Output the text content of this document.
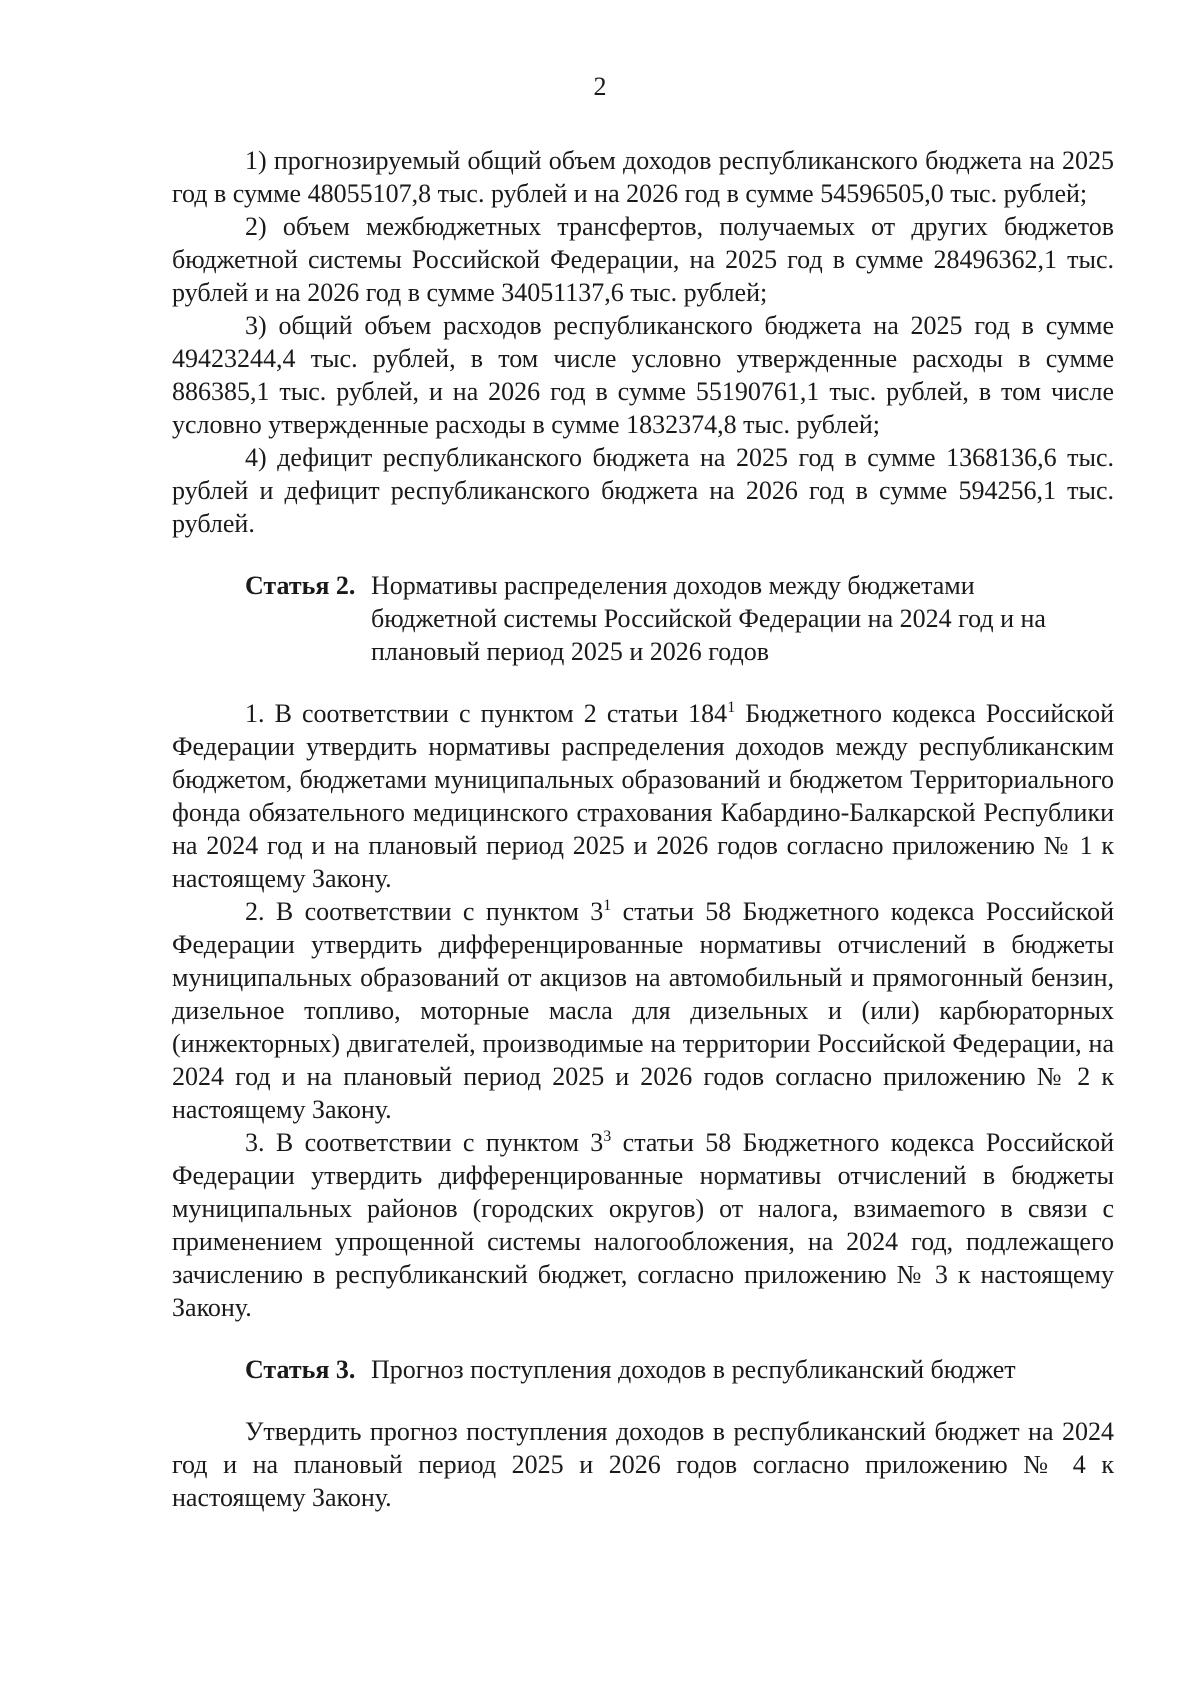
2

1) прогнозируемый общий объем доходов республиканского бюджета на 2025 год в сумме 48055107,8 тыс. рублей и на 2026 год в сумме 54596505,0 тыс. рублей;

2) объем межбюджетных трансфертов, получаемых от других бюджетов бюджетной системы Российской Федерации, на 2025 год в сумме 28496362,1 тыс. рублей и на 2026 год в сумме 34051137,6 тыс. рублей;

3) общий объем расходов республиканского бюджета на 2025 год в сумме 49423244,4 тыс. рублей, в том числе условно утвержденные расходы в сумме 886385,1 тыс. рублей, и на 2026 год в сумме 55190761,1 тыс. рублей, в том числе условно утвержденные расходы в сумме 1832374,8 тыс. рублей;

4) дефицит республиканского бюджета на 2025 год в сумме 1368136,6 тыс. рублей и дефицит республиканского бюджета на 2026 год в сумме 594256,1 тыс. рублей.

Статья 2. Нормативы распределения доходов между бюджетами бюджетной системы Российской Федерации на 2024 год и на плановый период 2025 и 2026 годов

1. В соответствии с пунктом 2 статьи $184^1$ Бюджетного кодекса Российской Федерации утвердить нормативы распределения доходов между республиканским бюджетом, бюджетами муниципальных образований и бюджетом Территориального фонда обязательного медицинского страхования Кабардино-Балкарской Республики на 2024 год и на плановый период 2025 и 2026 годов согласно приложению № 1 к настоящему Закону.

2. В соответствии с пунктом $3^1$ статьи 58 Бюджетного кодекса Российской Федерации утвердить дифференцированные нормативы отчислений в бюджеты муниципальных образований от акцизов на автомобильный и прямогонный бензин, дизельное топливо, моторные масла для дизельных и (или) карбюраторных (инжекторных) двигателей, производимые на территории Российской Федерации, на 2024 год и на плановый период 2025 и 2026 годов согласно приложению № 2 к настоящему Закону.

3. В соответствии с пунктом $3^3$ статьи 58 Бюджетного кодекса Российской Федерации утвердить дифференцированные нормативы отчислений в бюджеты муниципальных районов (городских округов) от налога, взимаеmого в связи с применением упрощенной системы налогообложения, на 2024 год, подлежащего зачислению в республиканский бюджет, согласно приложению № 3 к настоящему Закону.

Статья 3. Прогноз поступления доходов в республиканский бюджет

Утвердить прогноз поступления доходов в республиканский бюджет на 2024 год и на плановый период 2025 и 2026 годов согласно приложению № 4 к настоящему Закону.
